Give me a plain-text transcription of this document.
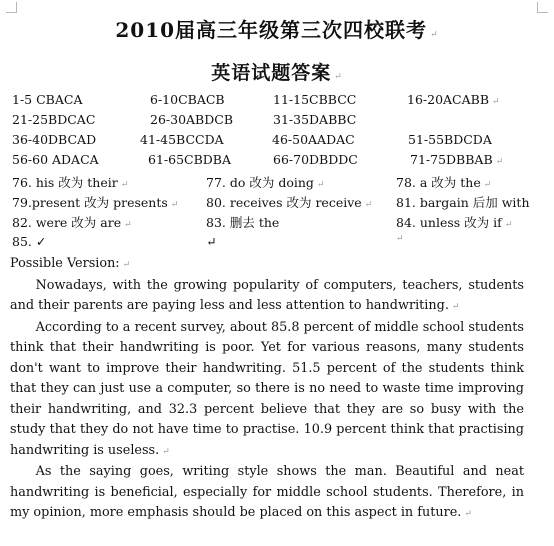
2010届高三年级第三次四校联考 ↵
英语试题答案 ↵
1-5 CBACA	6-10CBACB	11-15CBBCC	16-20ACABB ↵
21-25BDCAC	26-30ABDCB	31-35DABBC
36-40DBCAD	41-45BCCDA	46-50AADAC	51-55BDCDA
56-60 ADACA	61-65CBDBA	66-70DBDDC	71-75DBBAB ↵
76. his 改为 their ↵	77. do 改为 doing ↵	78. a 改为 the ↵
79.present 改为 presents ↵ 80. receives 改为 receive ↵ 81. bargain 后加 with
82. were 改为 are ↵	83. 删去 the	84. unless 改为 if ↵
85. ✓	↵	↵

Possible Version: ↵

Nowadays, with the growing popularity of computers, teachers, students and their parents are paying less and less attention to handwriting. ↵

According to a recent survey, about 85.8 percent of middle school students think that their handwriting is poor. Yet for various reasons, many students don't want to improve their handwriting. 51.5 percent of the students think that they can just use a computer, so there is no need to waste time improving their handwriting, and 32.3 percent believe that they are so busy with the study that they do not have time to practise. 10.9 percent think that practising handwriting is useless. ↵

As the saying goes, writing style shows the man. Beautiful and neat handwriting is beneficial, especially for middle school students. Therefore, in my opinion, more emphasis should be placed on this aspect in future. ↵
